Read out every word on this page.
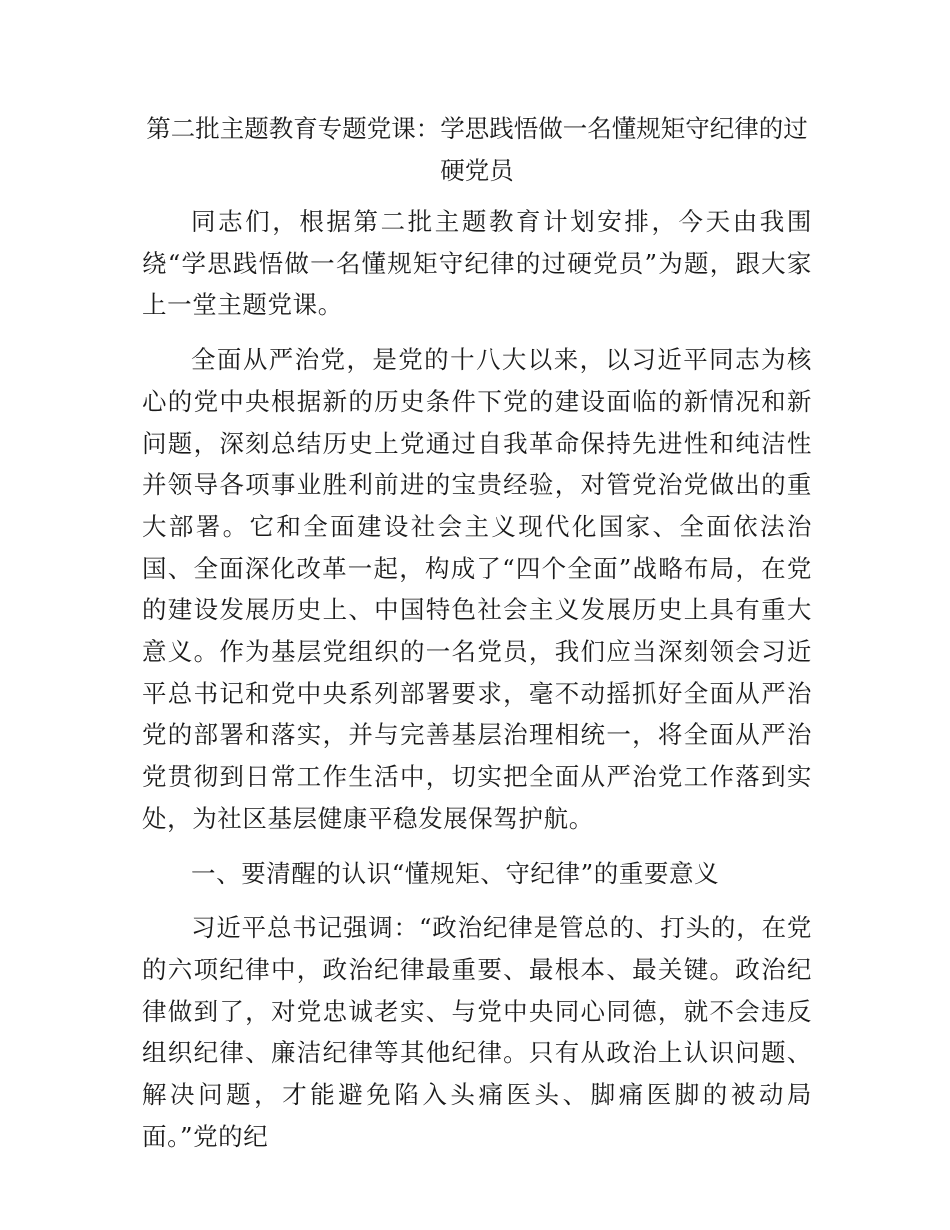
第二批主题教育专题党课：学思践悟做一名懂规矩守纪律的过硬党员

同志们，根据第二批主题教育计划安排，今天由我围绕“学思践悟做一名懂规矩守纪律的过硬党员”为题，跟大家上一堂主题党课。

全面从严治党，是党的十八大以来，以习近平同志为核心的党中央根据新的历史条件下党的建设面临的新情况和新问题，深刻总结历史上党通过自我革命保持先进性和纯洁性并领导各项事业胜利前进的宝贵经验，对管党治党做出的重大部署。它和全面建设社会主义现代化国家、全面依法治国、全面深化改革一起，构成了“四个全面”战略布局，在党的建设发展历史上、中国特色社会主义发展历史上具有重大意义。作为基层党组织的一名党员，我们应当深刻领会习近平总书记和党中央系列部署要求，毫不动摇抓好全面从严治党的部署和落实，并与完善基层治理相统一，将全面从严治党贯彻到日常工作生活中，切实把全面从严治党工作落到实处，为社区基层健康平稳发展保驾护航。

一、要清醒的认识“懂规矩、守纪律”的重要意义

习近平总书记强调：“政治纪律是管总的、打头的，在党的六项纪律中，政治纪律最重要、最根本、最关键。政治纪律做到了，对党忠诚老实、与党中央同心同德，就不会违反组织纪律、廉洁纪律等其他纪律。只有从政治上认识问题、解决问题，才能避免陷入头痛医头、脚痛医脚的被动局面。”党的纪
